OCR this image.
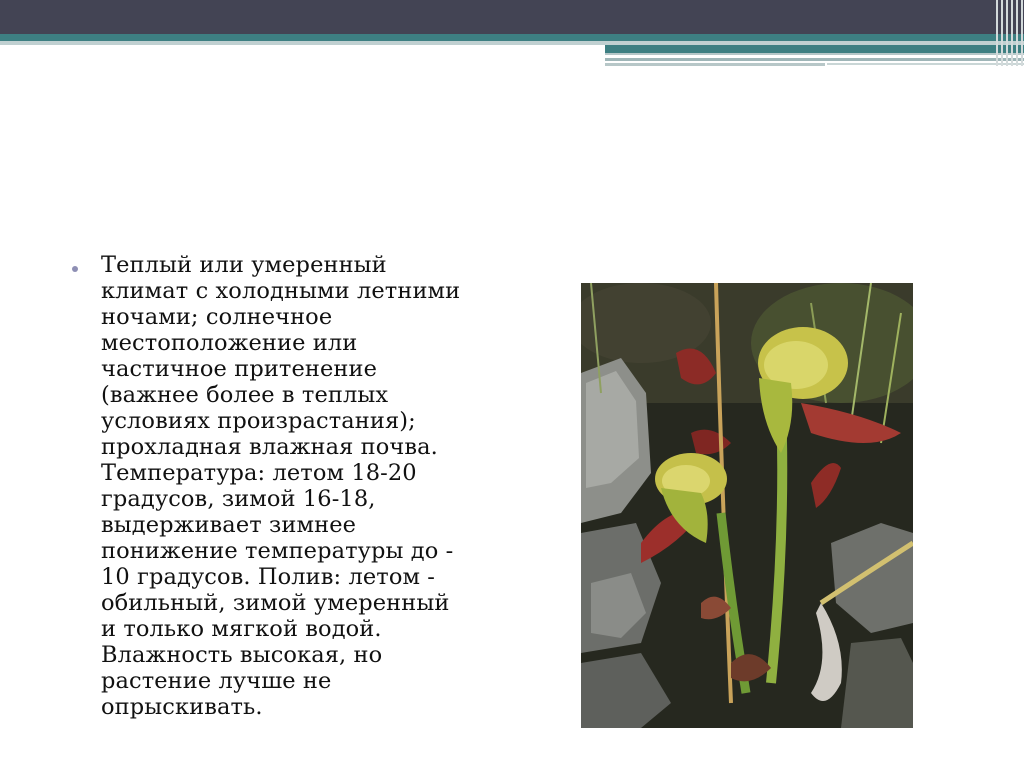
Теплый или умеренный
климат с холодными летними
ночами; солнечное
местоположение или
частичное притенение
(важнее более в теплых
условиях произрастания);
прохладная влажная почва.
Температура: летом 18-20
градусов, зимой 16-18,
выдерживает зимнее
понижение температуры до -
10 градусов. Полив: летом -
обильный, зимой умеренный
и только мягкой водой.
Влажность высокая, но
растение лучше не
опрыскивать.
